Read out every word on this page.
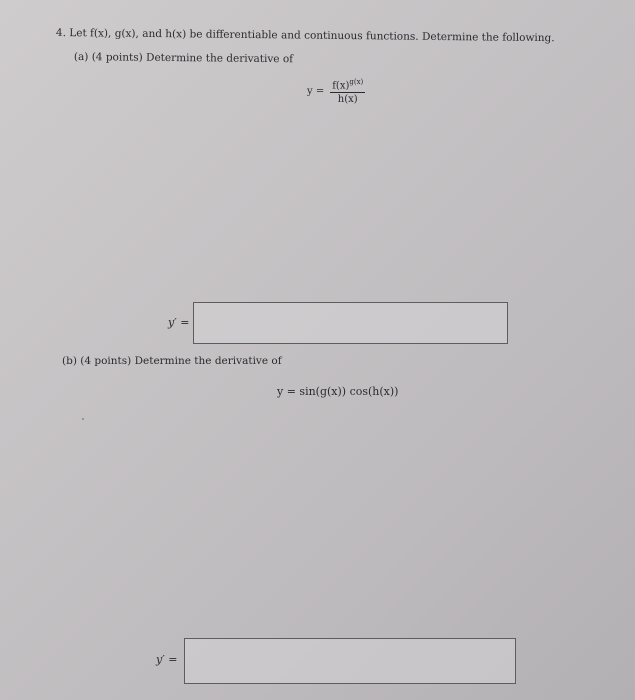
4. Let f(x), g(x), and h(x) be differentiable and continuous functions. Determine the following.
(a) (4 points) Determine the derivative of
$y = \frac{f(x)^{g(x)}}{h(x)}$
y′ =
(b) (4 points) Determine the derivative of
y = sin(g(x)) cos(h(x))
y′ =
